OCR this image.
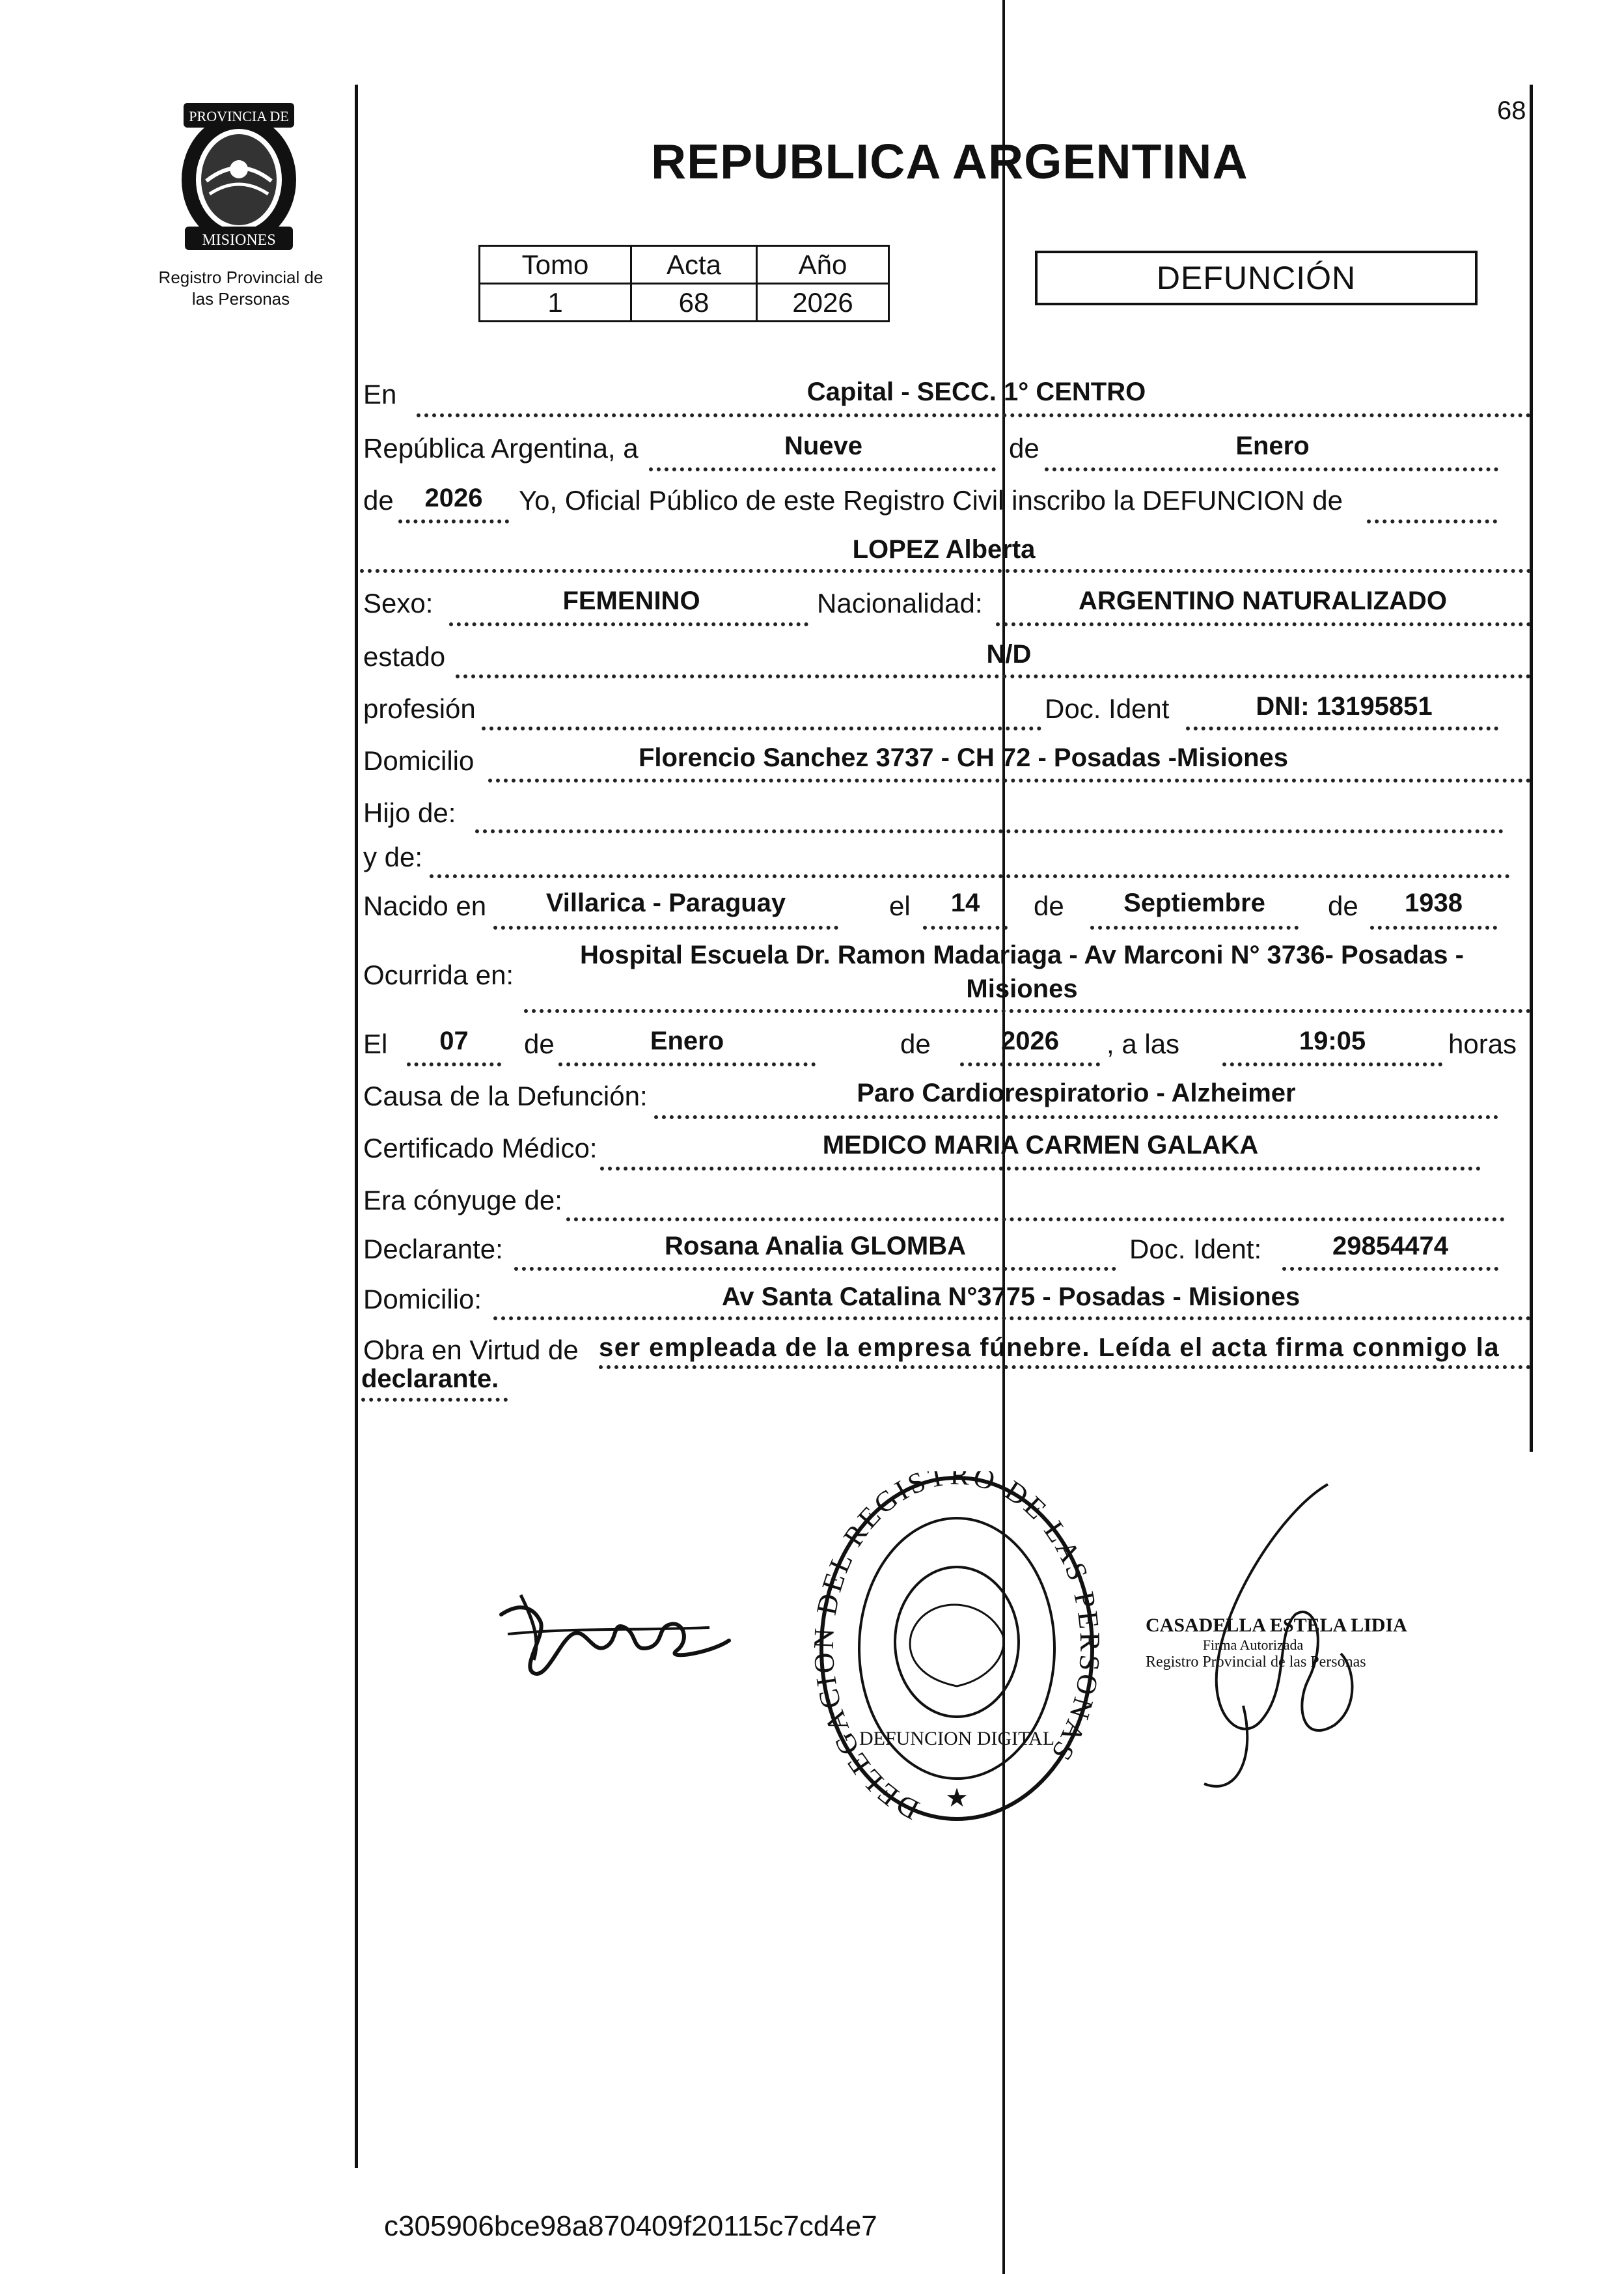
68
PROVINCIA DE
MISIONES
Registro Provincial de
las Personas
REPUBLICA ARGENTINA
Tomo	Acta	Año
1	68	2026
DEFUNCIÓN
En	Capital - SECC. 1° CENTRO
República Argentina, a	Nueve	de	Enero
de	2026	Yo, Oficial Público de este Registro Civil inscribo la DEFUNCION de
LOPEZ Alberta
Sexo:	FEMENINO	Nacionalidad:	ARGENTINO NATURALIZADO
estado	N/D
profesión	Doc. Ident	DNI: 13195851
Domicilio	Florencio Sanchez 3737 - CH 72 - Posadas -Misiones
Hijo de:
y de:
Nacido en	Villarica - Paraguay	el	14	de	Septiembre	de	1938
Ocurrida en:
Hospital Escuela Dr. Ramon Madariaga - Av Marconi N° 3736- Posadas -
Misiones
El	07	de	Enero	de	2026	, a las	19:05	horas
Causa de la Defunción:	Paro Cardiorespiratorio - Alzheimer
Certificado Médico:	MEDICO MARIA CARMEN GALAKA
Era cónyuge de:
Declarante:	Rosana Analia GLOMBA	Doc. Ident:	29854474
Domicilio:	Av Santa Catalina N°3775 - Posadas - Misiones
Obra en Virtud de ser empleada de la empresa fúnebre. Leída el acta firma conmigo la
declarante.
DELEGAC DEL REGISTRO DE LAS P NAS
DEFUNCION DIGITAL
★
CASADELLA ESTELA LIDIA
Firma Autorizada
Registro Provincial de las Personas
c305906bce98a870409f20115c7cd4e7
